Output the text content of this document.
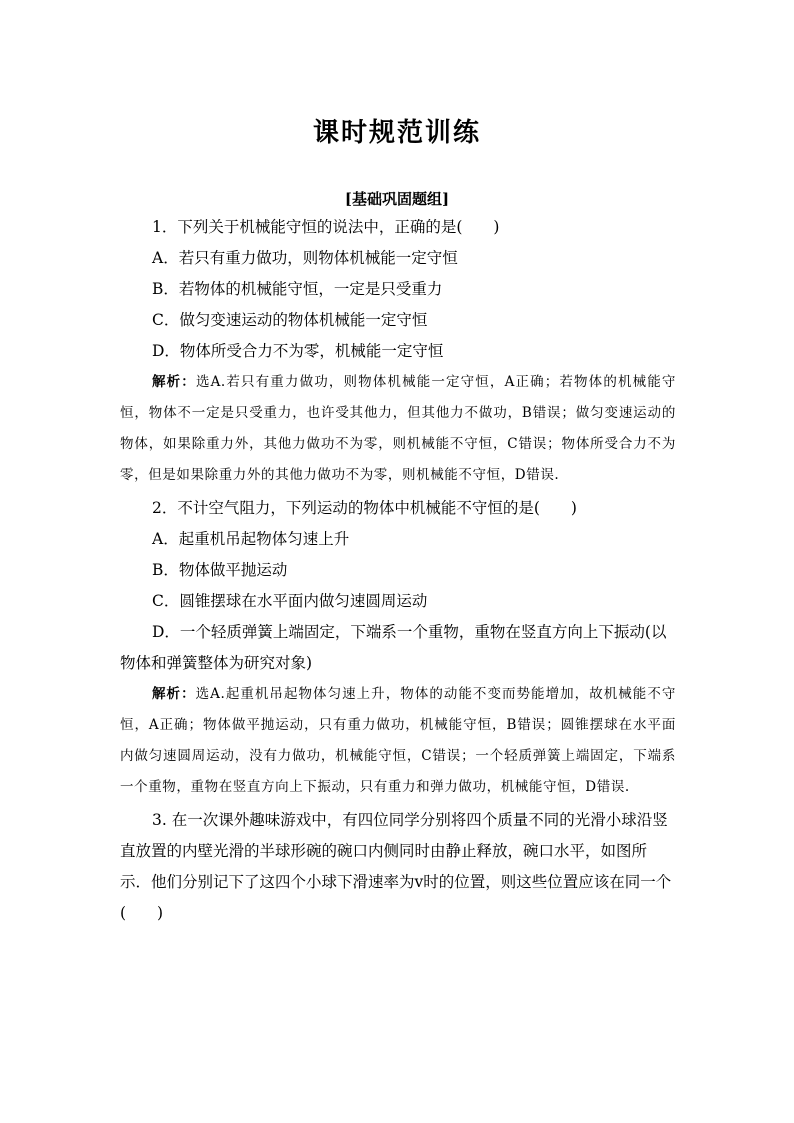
课时规范训练
[基础巩固题组]
1．下列关于机械能守恒的说法中，正确的是(　　)
A．若只有重力做功，则物体机械能一定守恒
B．若物体的机械能守恒，一定是只受重力
C．做匀变速运动的物体机械能一定守恒
D．物体所受合力不为零，机械能一定守恒
解析：选A.若只有重力做功，则物体机械能一定守恒，A正确；若物体的机械能守恒，物体不一定是只受重力，也许受其他力，但其他力不做功，B错误；做匀变速运动的物体，如果除重力外，其他力做功不为零，则机械能不守恒，C错误；物体所受合力不为零，但是如果除重力外的其他力做功不为零，则机械能不守恒，D错误.
2．不计空气阻力，下列运动的物体中机械能不守恒的是(　　)
A．起重机吊起物体匀速上升
B．物体做平抛运动
C．圆锥摆球在水平面内做匀速圆周运动
D．一个轻质弹簧上端固定，下端系一个重物，重物在竖直方向上下振动(以物体和弹簧整体为研究对象)
解析：选A.起重机吊起物体匀速上升，物体的动能不变而势能增加，故机械能不守恒，A正确；物体做平抛运动，只有重力做功，机械能守恒，B错误；圆锥摆球在水平面内做匀速圆周运动，没有力做功，机械能守恒，C错误；一个轻质弹簧上端固定，下端系一个重物，重物在竖直方向上下振动，只有重力和弹力做功，机械能守恒，D错误.
3. 在一次课外趣味游戏中，有四位同学分别将四个质量不同的光滑小球沿竖直放置的内壁光滑的半球形碗的碗口内侧同时由静止释放，碗口水平，如图所示．他们分别记下了这四个小球下滑速率为v时的位置，则这些位置应该在同一个(　　)
